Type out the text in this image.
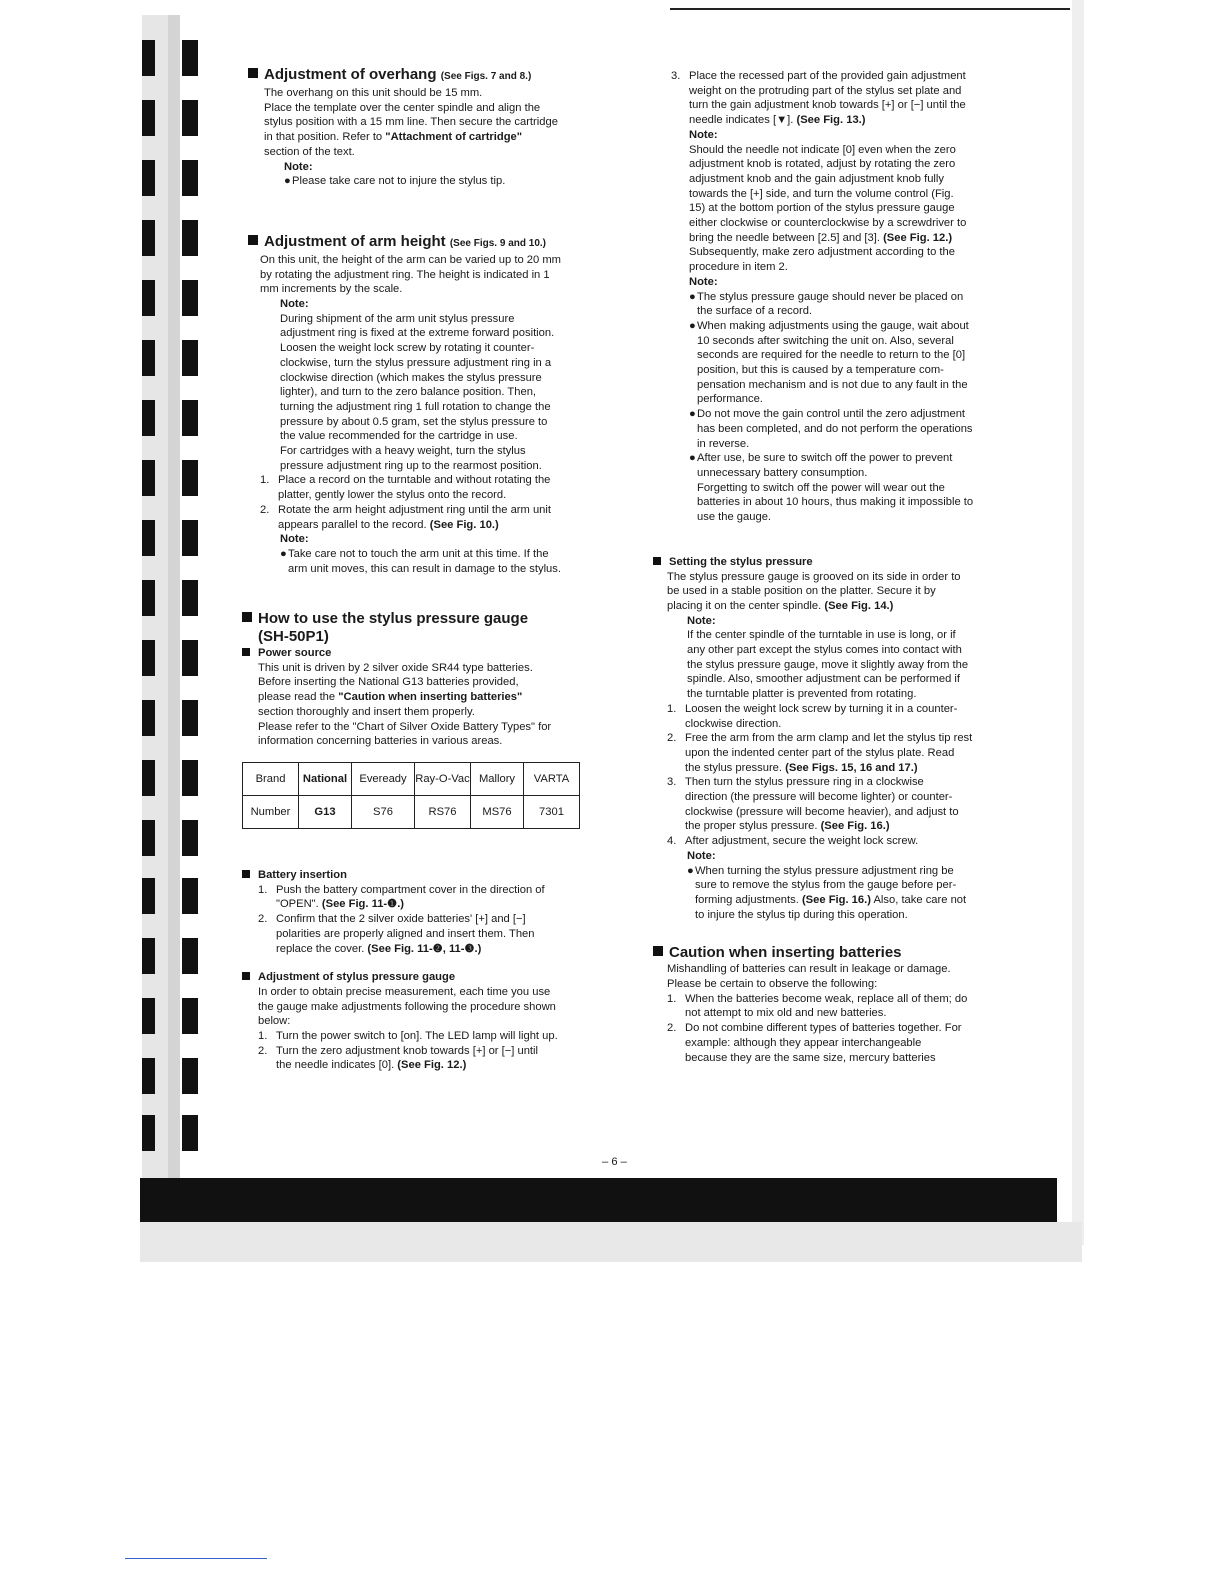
Adjustment of overhang (See Figs. 7 and 8.)

The overhang on this unit should be 15 mm.

Place the template over the center spindle and align the

stylus position with a 15 mm line. Then secure the cartridge

in that position. Refer to "Attachment of cartridge"

section of the text.

Note:

● Please take care not to injure the stylus tip.

Adjustment of arm height (See Figs. 9 and 10.)

On this unit, the height of the arm can be varied up to 20 mm

by rotating the adjustment ring. The height is indicated in 1

mm increments by the scale.

Note:

During shipment of the arm unit stylus pressure

adjustment ring is fixed at the extreme forward position.

Loosen the weight lock screw by rotating it counter-

clockwise, turn the stylus pressure adjustment ring in a

clockwise direction (which makes the stylus pressure

lighter), and turn to the zero balance position. Then,

turning the adjustment ring 1 full rotation to change the

pressure by about 0.5 gram, set the stylus pressure to

the value recommended for the cartridge in use.

For cartridges with a heavy weight, turn the stylus

pressure adjustment ring up to the rearmost position.

1. Place a record on the turntable and without rotating the

platter, gently lower the stylus onto the record.

2. Rotate the arm height adjustment ring until the arm unit

appears parallel to the record. (See Fig. 10.)

Note:

● Take care not to touch the arm unit at this time. If the

arm unit moves, this can result in damage to the stylus.

How to use the stylus pressure gauge

(SH-50P1)

Power source

This unit is driven by 2 silver oxide SR44 type batteries.

Before inserting the National G13 batteries provided,

please read the "Caution when inserting batteries"

section thoroughly and insert them properly.

Please refer to the "Chart of Silver Oxide Battery Types" for

information concerning batteries in various areas.

Brand	National	Eveready	Ray-O-Vac	Mallory	VARTA
Number	G13	S76	RS76	MS76	7301

Battery insertion

1. Push the battery compartment cover in the direction of

"OPEN". (See Fig. 11-❶.)

2. Confirm that the 2 silver oxide batteries' [+] and [−]

polarities are properly aligned and insert them. Then

replace the cover. (See Fig. 11-❷, 11-❸.)

Adjustment of stylus pressure gauge

In order to obtain precise measurement, each time you use

the gauge make adjustments following the procedure shown

below:

1. Turn the power switch to [on]. The LED lamp will light up.

2. Turn the zero adjustment knob towards [+] or [−] until

the needle indicates [0]. (See Fig. 12.)

3. Place the recessed part of the provided gain adjustment

weight on the protruding part of the stylus set plate and

turn the gain adjustment knob towards [+] or [−] until the

needle indicates [▼]. (See Fig. 13.)

Note:

Should the needle not indicate [0] even when the zero

adjustment knob is rotated, adjust by rotating the zero

adjustment knob and the gain adjustment knob fully

towards the [+] side, and turn the volume control (Fig.

15) at the bottom portion of the stylus pressure gauge

either clockwise or counterclockwise by a screwdriver to

bring the needle between [2.5] and [3]. (See Fig. 12.)

Subsequently, make zero adjustment according to the

procedure in item 2.

Note:

● The stylus pressure gauge should never be placed on

the surface of a record.

● When making adjustments using the gauge, wait about

10 seconds after switching the unit on. Also, several

seconds are required for the needle to return to the [0]

position, but this is caused by a temperature com-

pensation mechanism and is not due to any fault in the

performance.

● Do not move the gain control until the zero adjustment

has been completed, and do not perform the operations

in reverse.

● After use, be sure to switch off the power to prevent

unnecessary battery consumption.

Forgetting to switch off the power will wear out the

batteries in about 10 hours, thus making it impossible to

use the gauge.

Setting the stylus pressure

The stylus pressure gauge is grooved on its side in order to

be used in a stable position on the platter. Secure it by

placing it on the center spindle. (See Fig. 14.)

Note:

If the center spindle of the turntable in use is long, or if

any other part except the stylus comes into contact with

the stylus pressure gauge, move it slightly away from the

spindle. Also, smoother adjustment can be performed if

the turntable platter is prevented from rotating.

1. Loosen the weight lock screw by turning it in a counter-

clockwise direction.

2. Free the arm from the arm clamp and let the stylus tip rest

upon the indented center part of the stylus plate. Read

the stylus pressure. (See Figs. 15, 16 and 17.)

3. Then turn the stylus pressure ring in a clockwise

direction (the pressure will become lighter) or counter-

clockwise (pressure will become heavier), and adjust to

the proper stylus pressure. (See Fig. 16.)

4. After adjustment, secure the weight lock screw.

Note:

● When turning the stylus pressure adjustment ring be

sure to remove the stylus from the gauge before per-

forming adjustments. (See Fig. 16.) Also, take care not

to injure the stylus tip during this operation.

Caution when inserting batteries

Mishandling of batteries can result in leakage or damage.

Please be certain to observe the following:

1. When the batteries become weak, replace all of them; do

not attempt to mix old and new batteries.

2. Do not combine different types of batteries together. For

example: although they appear interchangeable

because they are the same size, mercury batteries

– 6 –
